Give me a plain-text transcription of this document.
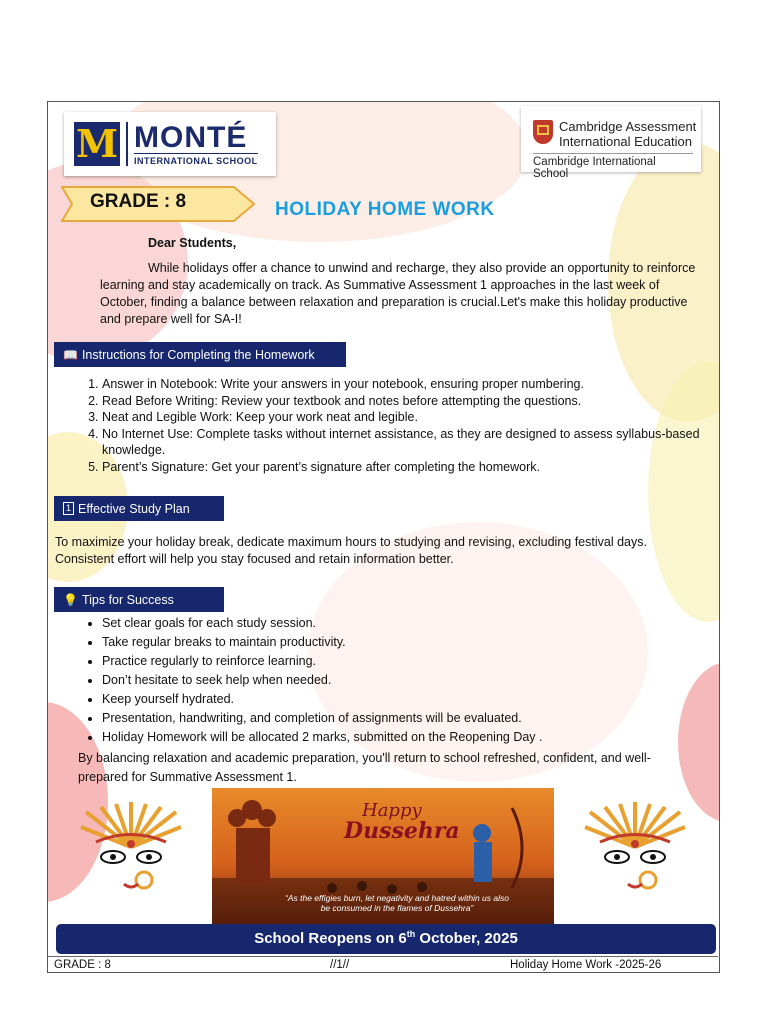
M MONTÉ
INTERNATIONAL SCHOOL
Cambridge Assessment
International Education
Cambridge International School
GRADE : 8	HOLIDAY HOME WORK
Dear Students,

While holidays offer a chance to unwind and recharge, they also provide an opportunity to reinforce learning and stay academically on track. As Summative Assessment 1 approaches in the last week of October, finding a balance between relaxation and preparation is crucial.Let's make this holiday productive and prepare well for SA-I!

📖 Instructions for Completing the Homework
1. Answer in Notebook: Write your answers in your notebook, ensuring proper numbering.
2. Read Before Writing: Review your textbook and notes before attempting the questions.
3. Neat and Legible Work: Keep your work neat and legible.
4. No Internet Use: Complete tasks without internet assistance, as they are designed to assess syllabus-based knowledge.
5. Parent’s Signature: Get your parent’s signature after completing the homework.
1 Effective Study Plan
To maximize your holiday break, dedicate maximum hours to studying and revising, excluding festival days. Consistent effort will help you stay focused and retain information better.
💡 Tips for Success
• Set clear goals for each study session.
• Take regular breaks to maintain productivity.
• Practice regularly to reinforce learning.
• Don’t hesitate to seek help when needed.
• Keep yourself hydrated.
• Presentation, handwriting, and completion of assignments will be evaluated.
• Holiday Homework will be allocated 2 marks, submitted on the Reopening Day .
By balancing relaxation and academic preparation, you'll return to school refreshed, confident, and well-prepared for Summative Assessment 1.
Happy
Dussehra
“As the effigies burn, let negativity and hatred within us also be consumed in the flames of Dussehra”
School Reopens on 6th October, 2025
GRADE : 8	//1//	Holiday Home Work -2025-26
